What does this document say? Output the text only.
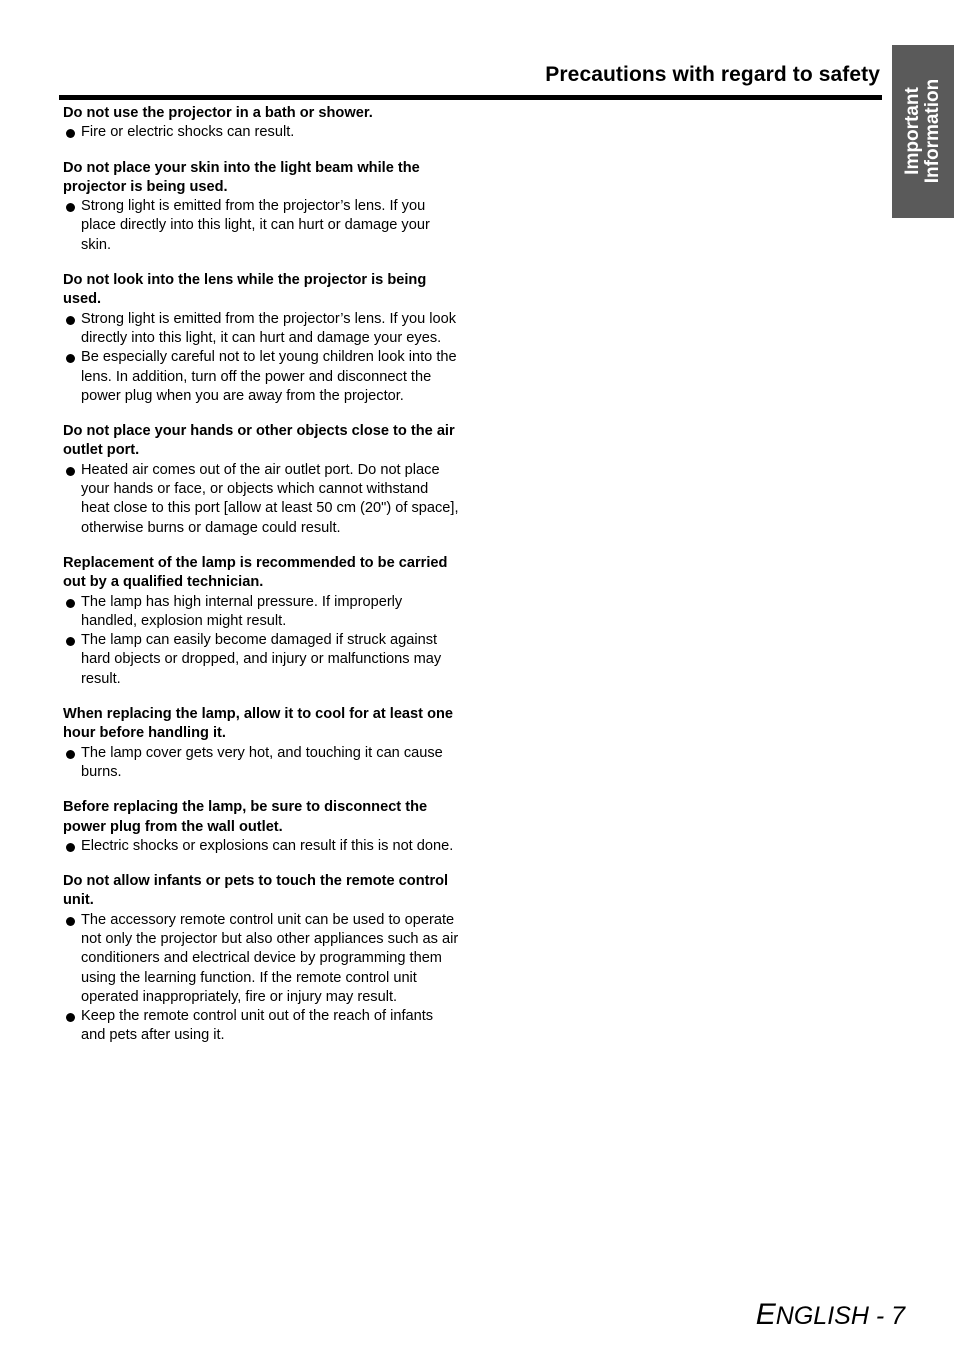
Precautions with regard to safety
Important Information
Do not use the projector in a bath or shower.
Fire or electric shocks can result.
Do not place your skin into the light beam while the projector is being used.
Strong light is emitted from the projector’s lens. If you place directly into this light, it can hurt or damage your skin.
Do not look into the lens while the projector is being used.
Strong light is emitted from the projector’s lens. If you look directly into this light, it can hurt and damage your eyes.
Be especially careful not to let young children look into the lens. In addition, turn off the power and disconnect the power plug when you are away from the projector.
Do not place your hands or other objects close to the air outlet port.
Heated air comes out of the air outlet port. Do not place your hands or face, or objects which cannot withstand heat close to this port [allow at least 50 cm (20") of space], otherwise burns or damage could result.
Replacement of the lamp is recommended to be carried out by a qualified technician.
The lamp has high internal pressure. If improperly handled, explosion might result.
The lamp can easily become damaged if struck against hard objects or dropped, and injury or malfunctions may result.
When replacing the lamp, allow it to cool for at least one hour before handling it.
The lamp cover gets very hot, and touching it can cause burns.
Before replacing the lamp, be sure to disconnect the power plug from the wall outlet.
Electric shocks or explosions can result if this is not done.
Do not allow infants or pets to touch the remote control unit.
The accessory remote control unit can be used to operate not only the projector but also other appliances such as air conditioners and electrical device by programming them using the learning function. If the remote control unit operated inappropriately, fire or injury may result.
Keep the remote control unit out of the reach of infants and pets after using it.
ENGLISH - 7
